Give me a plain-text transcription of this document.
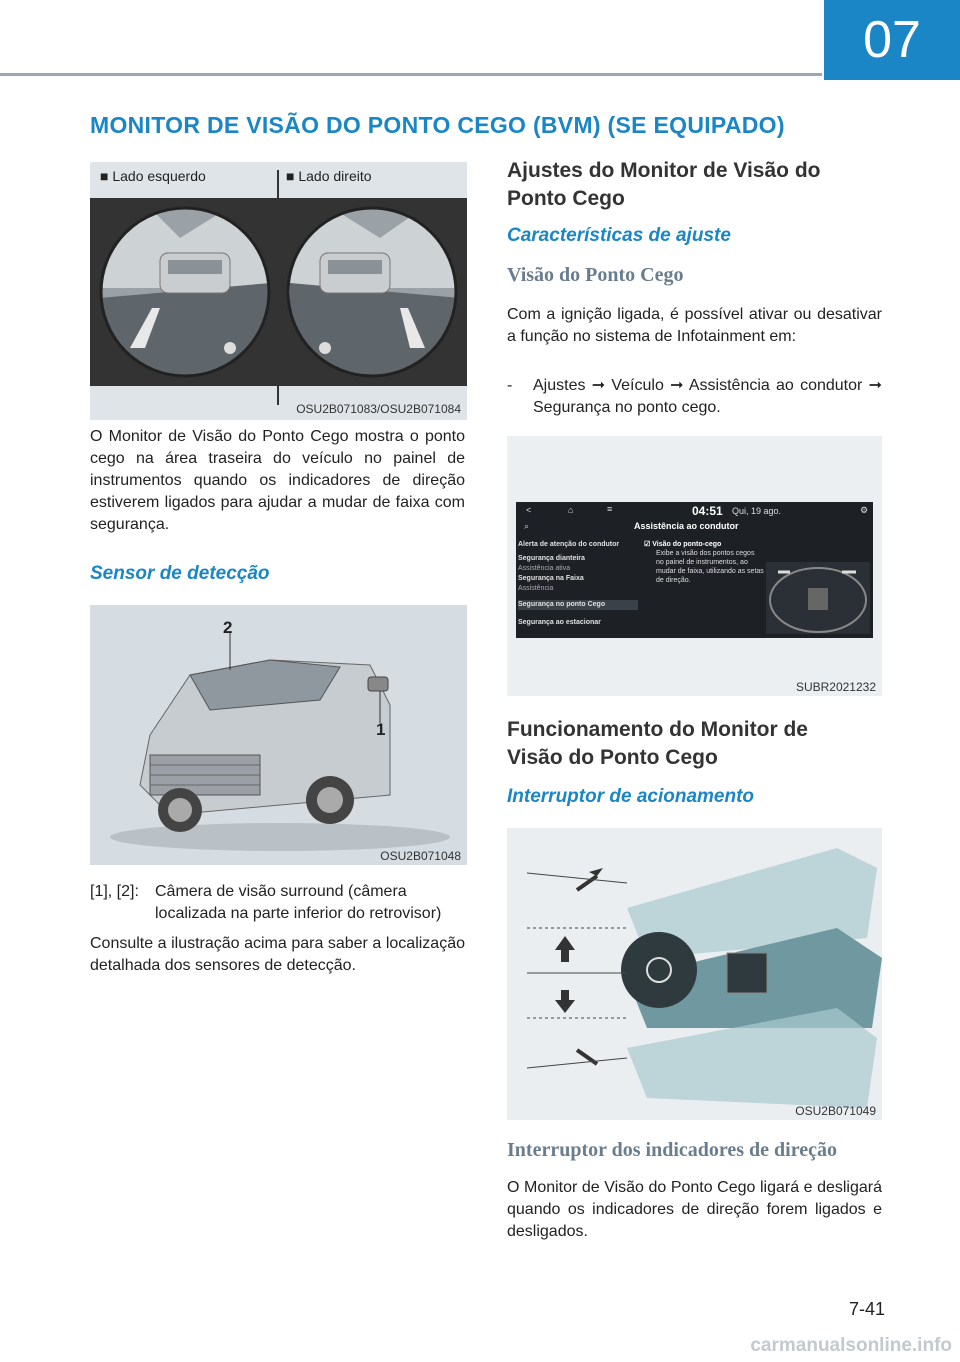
07
MONITOR DE VISÃO DO PONTO CEGO (BVM) (SE EQUIPADO)
■ Lado esquerdo	■ Lado direito
OSU2B071083/OSU2B071084

O Monitor de Visão do Ponto Cego mostra o ponto cego na área traseira do veículo no painel de instrumentos quando os indicadores de direção estiverem ligados para ajudar a mudar de faixa com segurança.

Sensor de detecção
2
1
OSU2B071048
[1], [2]:	Câmera de visão surround (câmera localizada na parte inferior do retrovisor)

Consulte a ilustração acima para saber a localização detalhada dos sensores de detecção.

Ajustes do Monitor de Visão do Ponto Cego
Características de ajuste
Visão do Ponto Cego

Com a ignição ligada, é possível ativar ou desativar a função no sistema de Infotainment em:

- Ajustes ➞ Veículo ➞ Assistência ao condutor ➞ Segurança no ponto cego.

<	⌂	≡	04:51 Qui, 19 ago.	⚙
Assistência ao condutor
⌕
Alerta de atenção do condutor
Segurança dianteira
Assistência ativa
Segurança na Faixa
Assistência
Segurança no ponto Cego
Segurança ao estacionar
☑ Visão do ponto-cego
Exibe a visão dos pontos cegos no painel de instrumentos, ao mudar de faixa, utilizando as setas de direção.
SUBR2021232
Funcionamento do Monitor de Visão do Ponto Cego
Interruptor de acionamento
OSU2B071049
Interruptor dos indicadores de direção

O Monitor de Visão do Ponto Cego ligará e desligará quando os indicadores de direção forem ligados e desligados.

7-41
carmanualsonline.info
